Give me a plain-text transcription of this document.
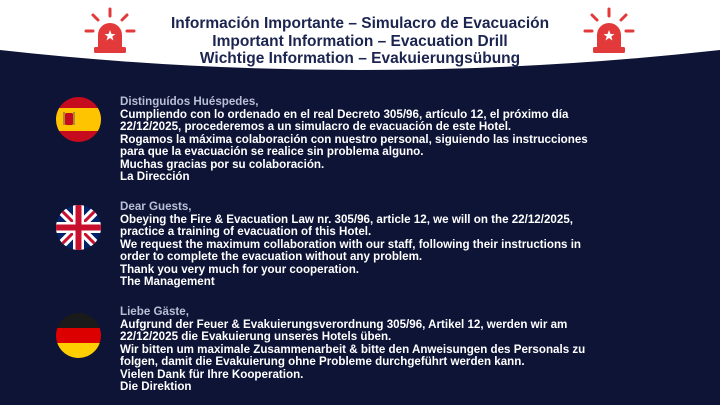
Información Importante – Simulacro de Evacuación
Important Information – Evacuation Drill
Wichtige Information – Evakuierungsübung
Distinguídos Huéspedes,
Cumpliendo con lo ordenado en el real Decreto 305/96, artículo 12, el próximo día
22/12/2025, procederemos a un simulacro de evacuación de este Hotel.
Rogamos la máxima colaboración con nuestro personal, siguiendo las instrucciones
para que la evacuación se realice sin problema alguno.
Muchas gracias por su colaboración.
La Dirección
Dear Guests,
Obeying the Fire & Evacuation Law nr. 305/96, article 12, we will on the 22/12/2025,
practice a training of evacuation of this Hotel.
We request the maximum collaboration with our staff, following their instructions in
order to complete the evacuation without any problem.
Thank you very much for your cooperation.
The Management
Liebe Gäste,
Aufgrund der Feuer & Evakuierungsverordnung 305/96, Artikel 12, werden wir am
22/12/2025 die Evakuierung unseres Hotels üben.
Wir bitten um maximale Zusammenarbeit & bitte den Anweisungen des Personals zu
folgen, damit die Evakuierung ohne Probleme durchgeführt werden kann.
Vielen Dank für Ihre Kooperation.
Die Direktion
